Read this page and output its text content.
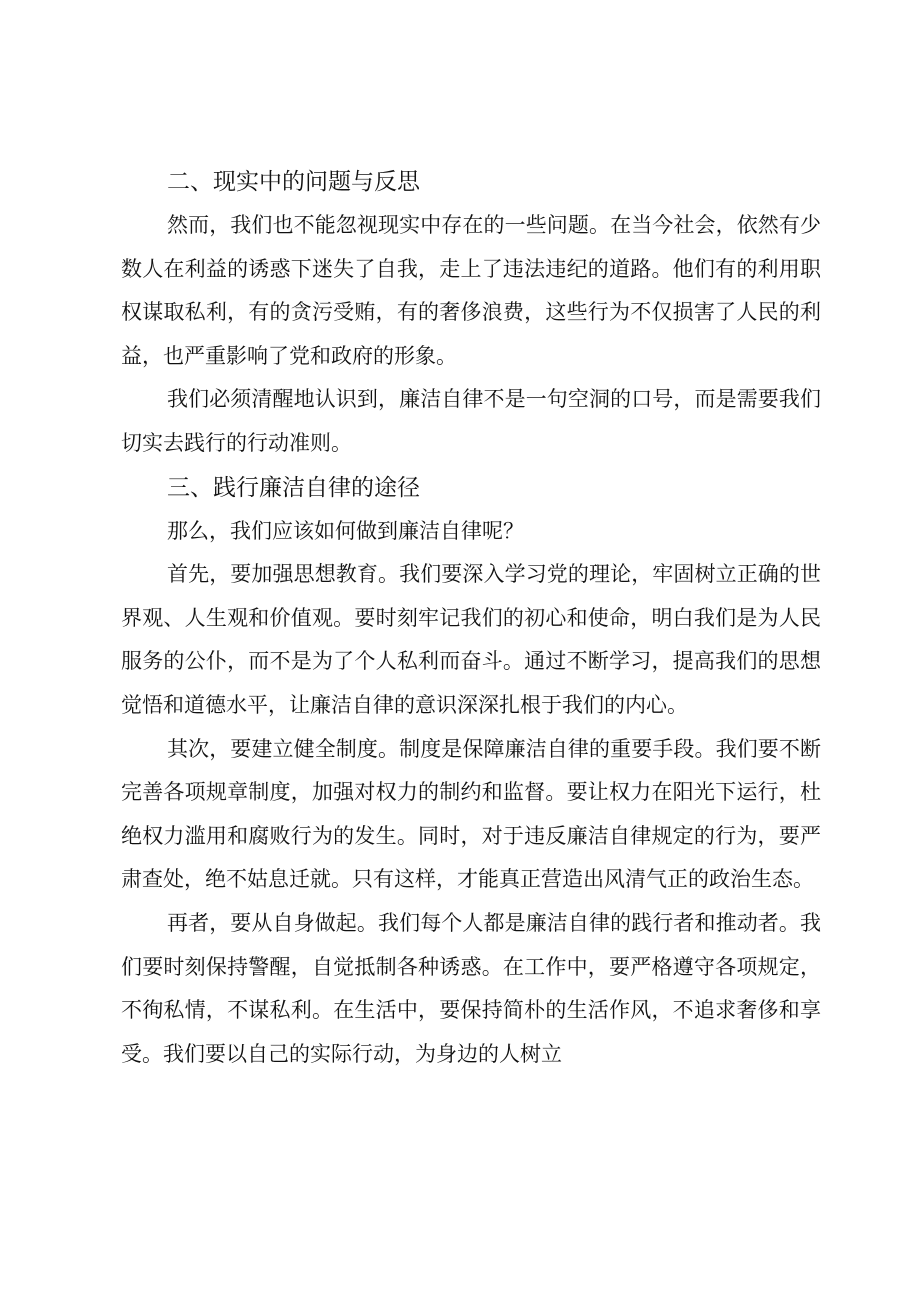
二、现实中的问题与反思

然而，我们也不能忽视现实中存在的一些问题。在当今社会，依然有少数人在利益的诱惑下迷失了自我，走上了违法违纪的道路。他们有的利用职权谋取私利，有的贪污受贿，有的奢侈浪费，这些行为不仅损害了人民的利益，也严重影响了党和政府的形象。

我们必须清醒地认识到，廉洁自律不是一句空洞的口号，而是需要我们切实去践行的行动准则。

三、践行廉洁自律的途径

那么，我们应该如何做到廉洁自律呢？

首先，要加强思想教育。我们要深入学习党的理论，牢固树立正确的世界观、人生观和价值观。要时刻牢记我们的初心和使命，明白我们是为人民服务的公仆，而不是为了个人私利而奋斗。通过不断学习，提高我们的思想觉悟和道德水平，让廉洁自律的意识深深扎根于我们的内心。

其次，要建立健全制度。制度是保障廉洁自律的重要手段。我们要不断完善各项规章制度，加强对权力的制约和监督。要让权力在阳光下运行，杜绝权力滥用和腐败行为的发生。同时，对于违反廉洁自律规定的行为，要严肃查处，绝不姑息迁就。只有这样，才能真正营造出风清气正的政治生态。

再者，要从自身做起。我们每个人都是廉洁自律的践行者和推动者。我们要时刻保持警醒，自觉抵制各种诱惑。在工作中，要严格遵守各项规定，不徇私情，不谋私利。在生活中，要保持简朴的生活作风，不追求奢侈和享受。我们要以自己的实际行动，为身边的人树立
